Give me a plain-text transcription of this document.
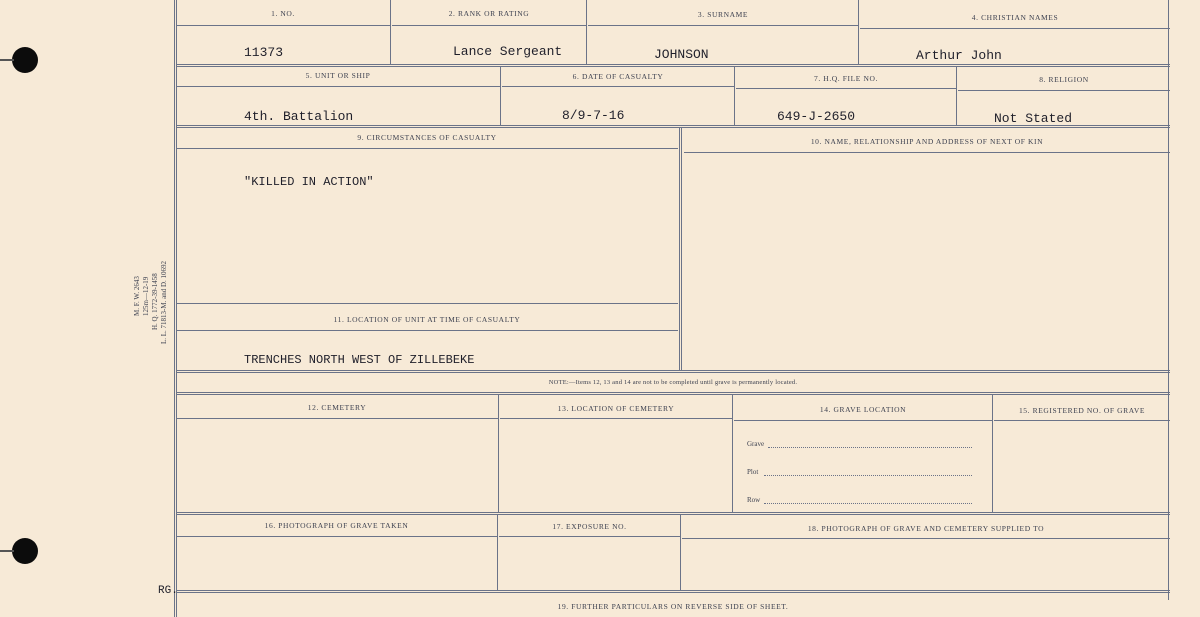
M. F. W. 2643 125m—12-19 H. Q. 1772-39-1458 L. L. 71813-M. and D. 10692
1. NO.	2. RANK OR RATING	3. SURNAME	4. CHRISTIAN NAMES
11373	Lance Sergeant	JOHNSON	Arthur John
5. UNIT OR SHIP	6. DATE OF CASUALTY	7. H.Q. FILE NO.	8. RELIGION
4th. Battalion	8/9-7-16	649-J-2650	Not Stated
9. CIRCUMSTANCES OF CASUALTY	10. NAME, RELATIONSHIP AND ADDRESS OF NEXT OF KIN
"KILLED IN ACTION"
11. LOCATION OF UNIT AT TIME OF CASUALTY
TRENCHES NORTH WEST OF ZILLEBEKE
NOTE:—Items 12, 13 and 14 are not to be completed until grave is permanently located.
12. CEMETERY	13. LOCATION OF CEMETERY	14. GRAVE LOCATION	15. REGISTERED NO. OF GRAVE
Grave
Plot
Row
16. PHOTOGRAPH OF GRAVE TAKEN	17. EXPOSURE NO.	18. PHOTOGRAPH OF GRAVE AND CEMETERY SUPPLIED TO
RG.
19. FURTHER PARTICULARS ON REVERSE SIDE OF SHEET.
